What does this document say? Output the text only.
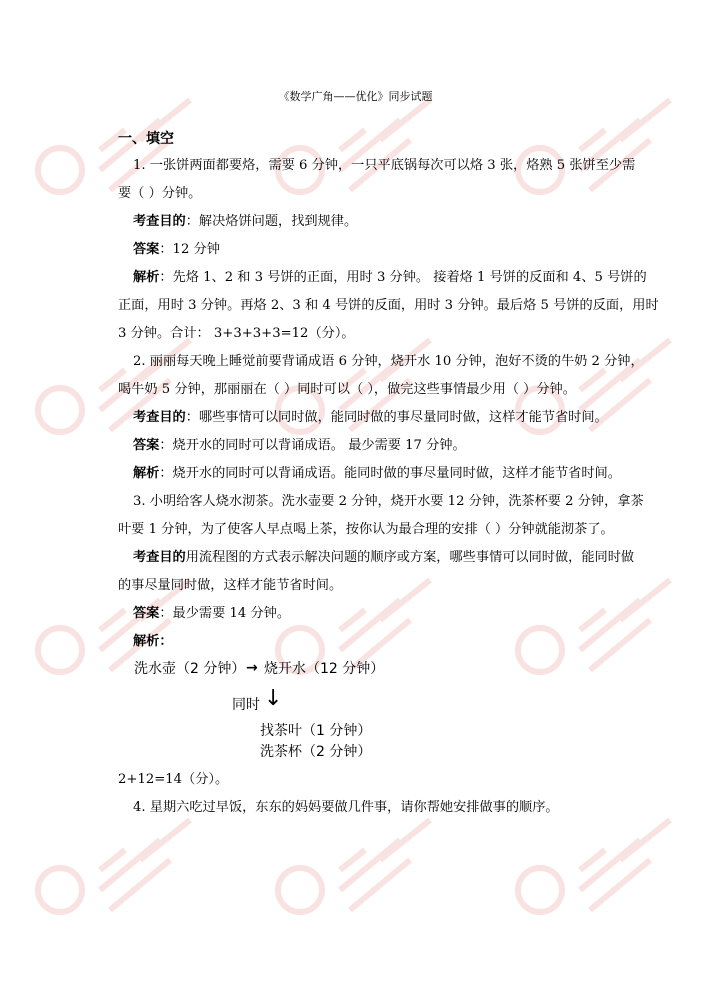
《数学广角——优化》同步试题
一、填空
1. 一张饼两面都要烙，需要 6 分钟，一只平底锅每次可以烙 3 张，烙熟 5 张饼至少需
要（ ）分钟。
考查目的：解决烙饼问题，找到规律。
答案：12 分钟
解析：先烙 1、2 和 3 号饼的正面，用时 3 分钟。 接着烙 1 号饼的反面和 4、5 号饼的
正面，用时 3 分钟。再烙 2、3 和 4 号饼的反面，用时 3 分钟。最后烙 5 号饼的反面，用时
3 分钟。合计： 3+3+3+3=12（分）。
2. 丽丽每天晚上睡觉前要背诵成语 6 分钟，烧开水 10 分钟，泡好不烫的牛奶 2 分钟，
喝牛奶 5 分钟，那丽丽在（ ）同时可以（ ），做完这些事情最少用（ ）分钟。
考查目的：哪些事情可以同时做，能同时做的事尽量同时做，这样才能节省时间。
答案：烧开水的同时可以背诵成语。 最少需要 17 分钟。
解析：烧开水的同时可以背诵成语。能同时做的事尽量同时做，这样才能节省时间。
3. 小明给客人烧水沏茶。洗水壶要 2 分钟，烧开水要 12 分钟，洗茶杯要 2 分钟，拿茶
叶要 1 分钟，为了使客人早点喝上茶，按你认为最合理的安排（ ）分钟就能沏茶了。
考查目的用流程图的方式表示解决问题的顺序或方案，哪些事情可以同时做，能同时做
的事尽量同时做，这样才能节省时间。
答案：最少需要 14 分钟。
解析：
洗水壶（2 分钟） → 烧开水（12 分钟）
同时 ↓
找茶叶（1 分钟）
洗茶杯（2 分钟）
2+12=14（分）。
4. 星期六吃过早饭，东东的妈妈要做几件事，请你帮她安排做事的顺序。
